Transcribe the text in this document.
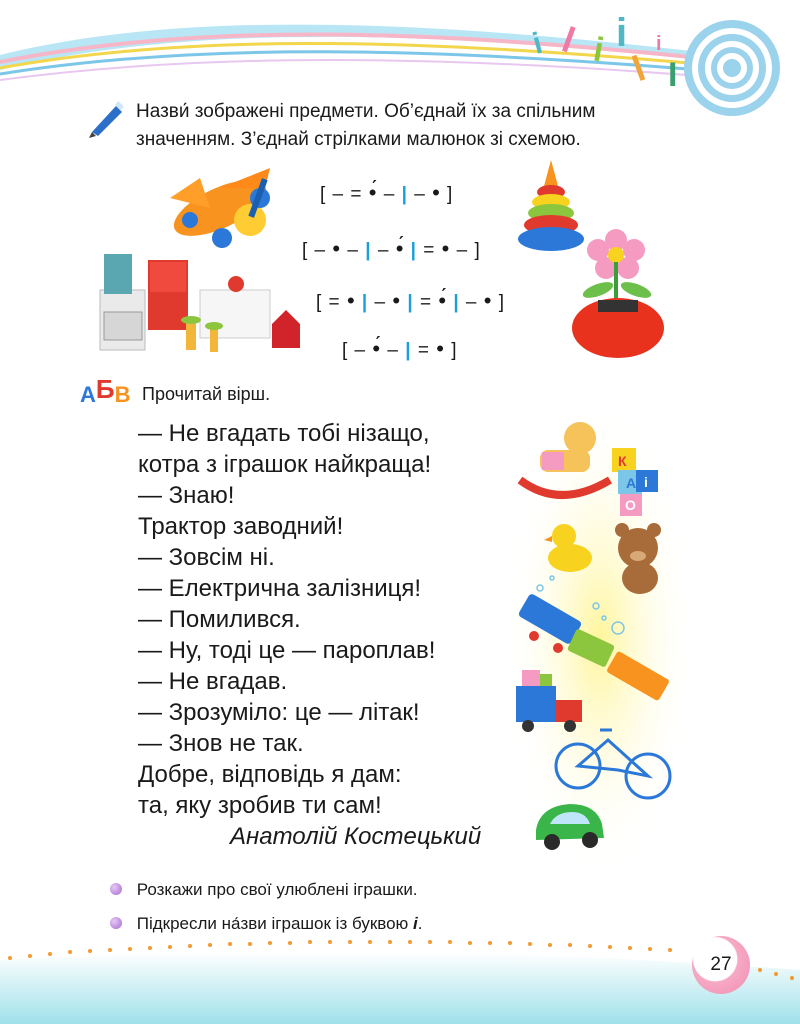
i i i i
I
Назви́ зображені предмети. Об’єднай їх за спільним
значенням. З’єднай стрілками малюнок зі схемою.
[ – = •́ – | – • ]
[ – • – | – •́ | = • – ]
[ = • | – • | = •́ | – • ]
[ – •́ – | = • ]
АБВ Прочитай вірш.
К
А і
О
— Не вгадать тобі нізащо,
котра з іграшок найкраща!
— Знаю!
Трактор заводний!
— Зовсім ні.
— Електрична залізниця!
— Помилився.
— Ну, тоді це — пароплав!
— Не вгадав.
— Зрозуміло: це — літак!
— Знов не так.
Добре, відповідь я дам:
та, яку зробив ти сам!
Анатолій Костецький
Розкажи про свої улюблені іграшки.
Підкресли на́зви іграшок із буквою і.
27
